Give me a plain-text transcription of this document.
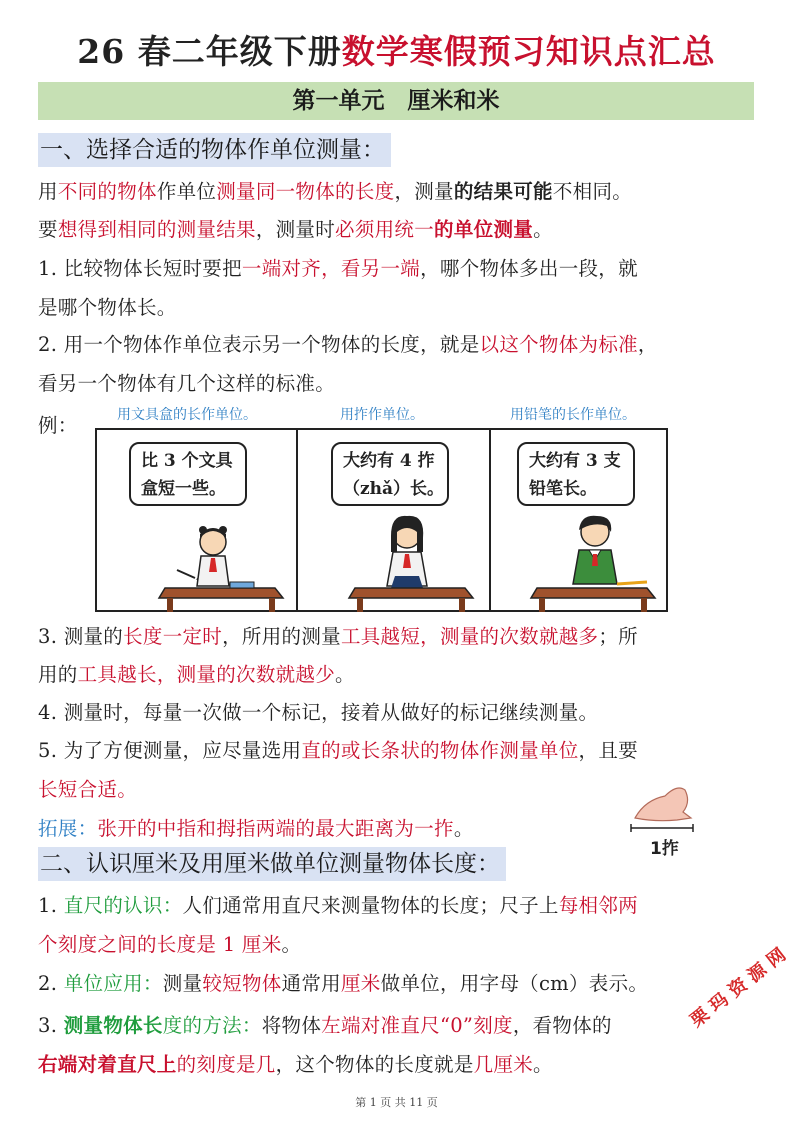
26 春二年级下册数学寒假预习知识点汇总
第一单元　厘米和米
一、选择合适的物体作单位测量：
用不同的物体作单位测量同一物体的长度，测量的结果可能不相同。
要想得到相同的测量结果，测量时必须用统一的单位测量。
1. 比较物体长短时要把一端对齐，看另一端，哪个物体多出一段，就
是哪个物体长。
2. 用一个物体作单位表示另一个物体的长度，就是以这个物体为标准，
看另一个物体有几个这样的标准。
例：	用文具盒的长作单位。	用拃作单位。	用铅笔的长作单位。
比 3 个文具
盒短一些。
大约有 4 拃
（zhǎ）长。
大约有 3 支
铅笔长。
3. 测量的长度一定时，所用的测量工具越短，测量的次数就越多；所
用的工具越长，测量的次数就越少。
4. 测量时，每量一次做一个标记，接着从做好的标记继续测量。
5. 为了方便测量，应尽量选用直的或长条状的物体作测量单位，且要
长短合适。
拓展：张开的中指和拇指两端的最大距离为一拃。
1拃
二、认识厘米及用厘米做单位测量物体长度：
1. 直尺的认识：人们通常用直尺来测量物体的长度；尺子上每相邻两
个刻度之间的长度是 1 厘米。
2. 单位应用：测量较短物体通常用厘米做单位，用字母（cm）表示。
3. 测量物体长度的方法：将物体左端对准直尺“0”刻度，看物体的
右端对着直尺上的刻度是几，这个物体的长度就是几厘米。
栗 玛 资 源 网
第 1 页 共 11 页
